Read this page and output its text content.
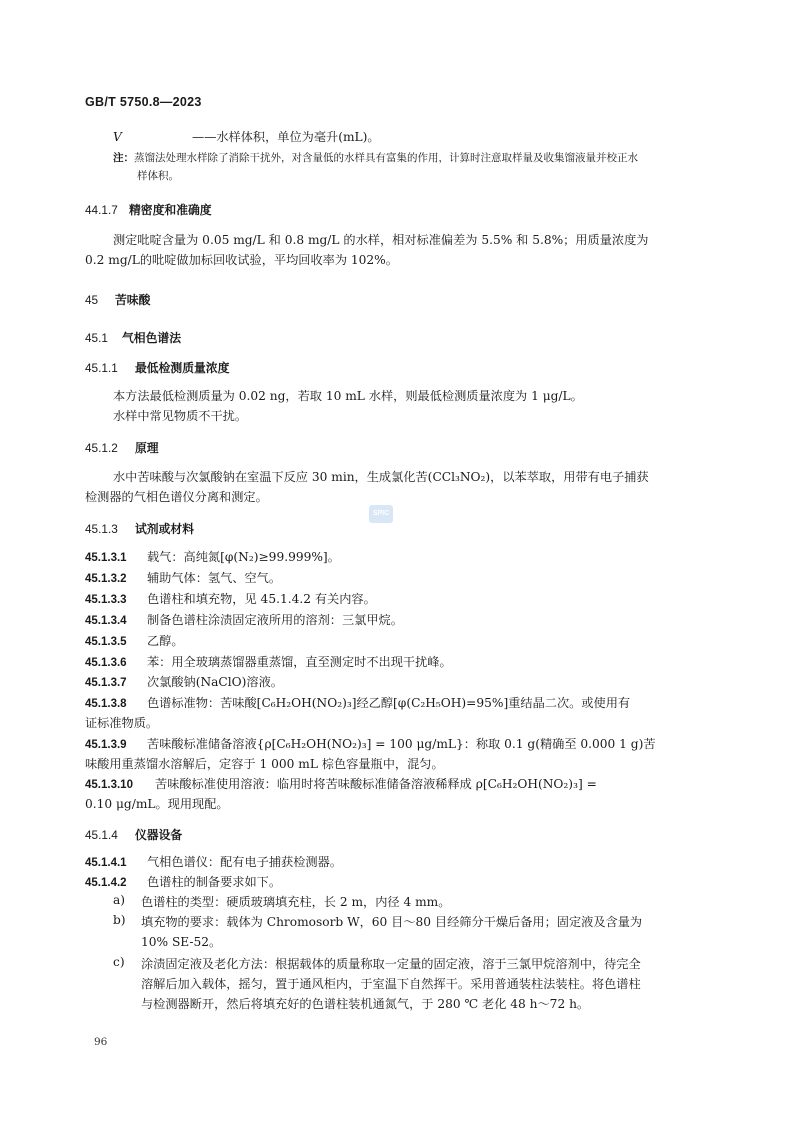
GB/T 5750.8—2023
V	——水样体积，单位为毫升(mL)。
注：蒸馏法处理水样除了消除干扰外，对含量低的水样具有富集的作用，计算时注意取样量及收集馏液量并校正水
样体积。
44.1.7 精密度和准确度
测定吡啶含量为 0.05 mg/L 和 0.8 mg/L 的水样，相对标准偏差为 5.5% 和 5.8%；用质量浓度为
0.2 mg/L的吡啶做加标回收试验，平均回收率为 102%。
45 苦味酸
45.1 气相色谱法
45.1.1 最低检测质量浓度
本方法最低检测质量为 0.02 ng，若取 10 mL 水样，则最低检测质量浓度为 1 μg/L。
水样中常见物质不干扰。
45.1.2 原理
水中苦味酸与次氯酸钠在室温下反应 30 min，生成氯化苦(CCl₃NO₂)，以苯萃取，用带有电子捕获
检测器的气相色谱仪分离和测定。
SPIC
45.1.3 试剂或材料
45.1.3.1 载气：高纯氮[φ(N₂)≥99.999%]。
45.1.3.2 辅助气体：氢气、空气。
45.1.3.3 色谱柱和填充物，见 45.1.4.2 有关内容。
45.1.3.4 制备色谱柱涂渍固定液所用的溶剂：三氯甲烷。
45.1.3.5 乙醇。
45.1.3.6 苯：用全玻璃蒸馏器重蒸馏，直至测定时不出现干扰峰。
45.1.3.7 次氯酸钠(NaClO)溶液。
45.1.3.8 色谱标准物：苦味酸[C₆H₂OH(NO₂)₃]经乙醇[φ(C₂H₅OH)=95%]重结晶二次。或使用有
证标准物质。
45.1.3.9 苦味酸标准储备溶液{ρ[C₆H₂OH(NO₂)₃] = 100 μg/mL}：称取 0.1 g(精确至 0.000 1 g)苦
味酸用重蒸馏水溶解后，定容于 1 000 mL 棕色容量瓶中，混匀。
45.1.3.10 苦味酸标准使用溶液：临用时将苦味酸标准储备溶液稀释成 ρ[C₆H₂OH(NO₂)₃] =
0.10 μg/mL。现用现配。
45.1.4 仪器设备
45.1.4.1 气相色谱仪：配有电子捕获检测器。
45.1.4.2 色谱柱的制备要求如下。
a) 色谱柱的类型：硬质玻璃填充柱，长 2 m，内径 4 mm。
b) 填充物的要求：载体为 Chromosorb W，60 目～80 目经筛分干燥后备用；固定液及含量为
10% SE-52。
c) 涂渍固定液及老化方法：根据载体的质量称取一定量的固定液，溶于三氯甲烷溶剂中，待完全
溶解后加入载体，摇匀，置于通风柜内，于室温下自然挥干。采用普通装柱法装柱。将色谱柱
与检测器断开，然后将填充好的色谱柱装机通氮气，于 280 ℃ 老化 48 h～72 h。
96
